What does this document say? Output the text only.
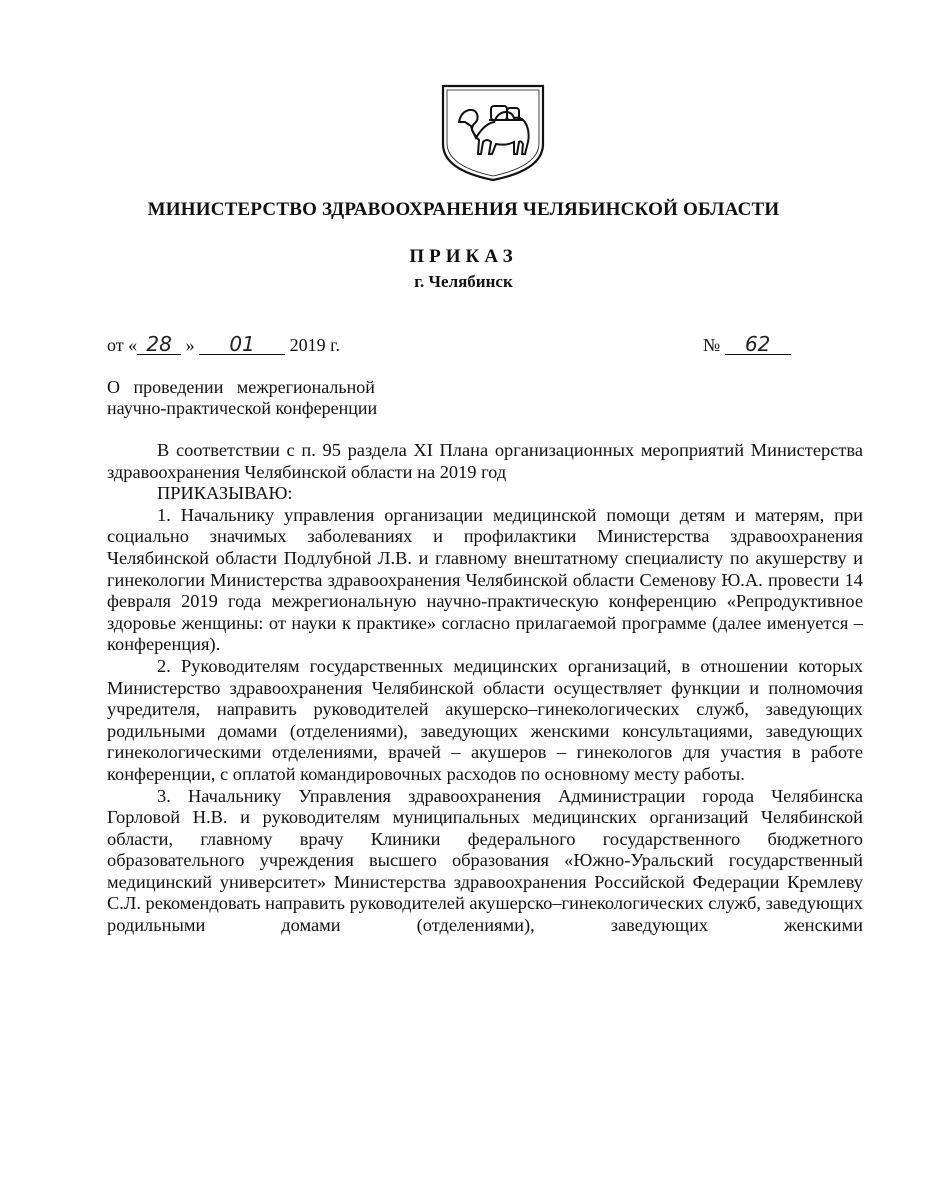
МИНИСТЕРСТВО ЗДРАВООХРАНЕНИЯ ЧЕЛЯБИНСКОЙ ОБЛАСТИ
ПРИКАЗ
г. Челябинск
от « 28 » 01 2019 г.	№ 62
О   проведении   межрегиональной
научно-практической конференции

В соответствии с п. 95 раздела XI Плана организационных мероприятий Министерства здравоохранения Челябинской области на 2019 год

ПРИКАЗЫВАЮ:

1. Начальнику управления организации медицинской помощи детям и матерям, при социально значимых заболеваниях и профилактики Министерства здравоохранения Челябинской области Подлубной Л.В. и главному внештатному специалисту по акушерству и гинекологии Министерства здравоохранения Челябинской области Семенову Ю.А. провести 14 февраля 2019 года межрегиональную научно-практическую конференцию «Репродуктивное здоровье женщины: от науки к практике» согласно прилагаемой программе (далее именуется – конференция).

2. Руководителям государственных медицинских организаций, в отношении которых Министерство здравоохранения Челябинской области осуществляет функции и полномочия учредителя, направить руководителей акушерско–гинекологических служб, заведующих родильными домами (отделениями), заведующих женскими консультациями, заведующих гинекологическими отделениями, врачей – акушеров – гинекологов для участия в работе конференции, с оплатой командировочных расходов по основному месту работы.

3. Начальнику Управления здравоохранения Администрации города Челябинска Горловой Н.В. и руководителям муниципальных медицинских организаций Челябинской области, главному врачу Клиники федерального государственного бюджетного образовательного учреждения высшего образования «Южно-Уральский государственный медицинский университет» Министерства здравоохранения Российской Федерации Кремлеву С.Л. рекомендовать направить руководителей акушерско–гинекологических служб, заведующих родильными домами (отделениями), заведующих женскими
